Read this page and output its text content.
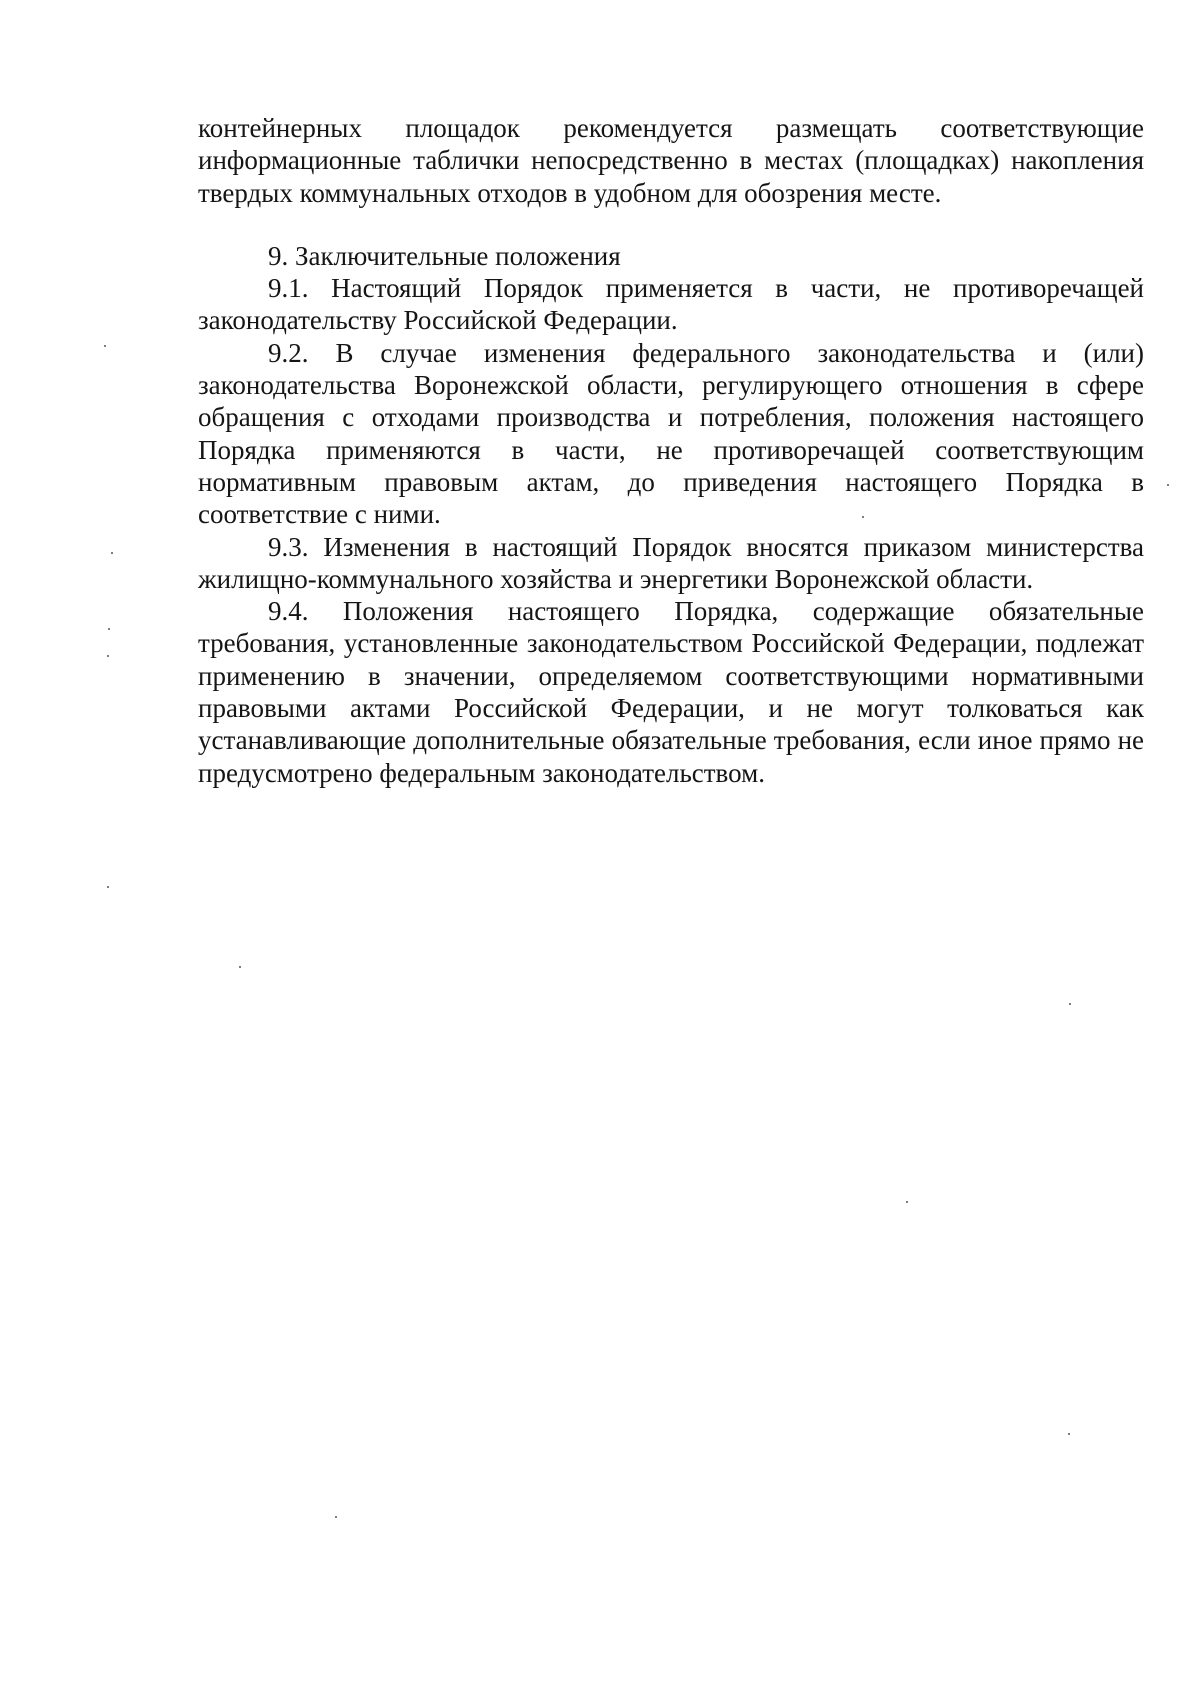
контейнерных площадок рекомендуется размещать соответствующие информационные таблички непосредственно в местах (площадках) накопления твердых коммунальных отходов в удобном для обозрения месте.

9. Заключительные положения

9.1. Настоящий Порядок применяется в части, не противоречащей законодательству Российской Федерации.

9.2. В случае изменения федерального законодательства и (или) законодательства Воронежской области, регулирующего отношения в сфере обращения с отходами производства и потребления, положения настоящего Порядка применяются в части, не противоречащей соответствующим нормативным правовым актам, до приведения настоящего Порядка в соответствие с ними.

9.3. Изменения в настоящий Порядок вносятся приказом министерства жилищно-коммунального хозяйства и энергетики Воронежской области.

9.4. Положения настоящего Порядка, содержащие обязательные требования, установленные законодательством Российской Федерации, подлежат применению в значении, определяемом соответствующими нормативными правовыми актами Российской Федерации, и не могут толковаться как устанавливающие дополнительные обязательные требования, если иное прямо не предусмотрено федеральным законодательством.
